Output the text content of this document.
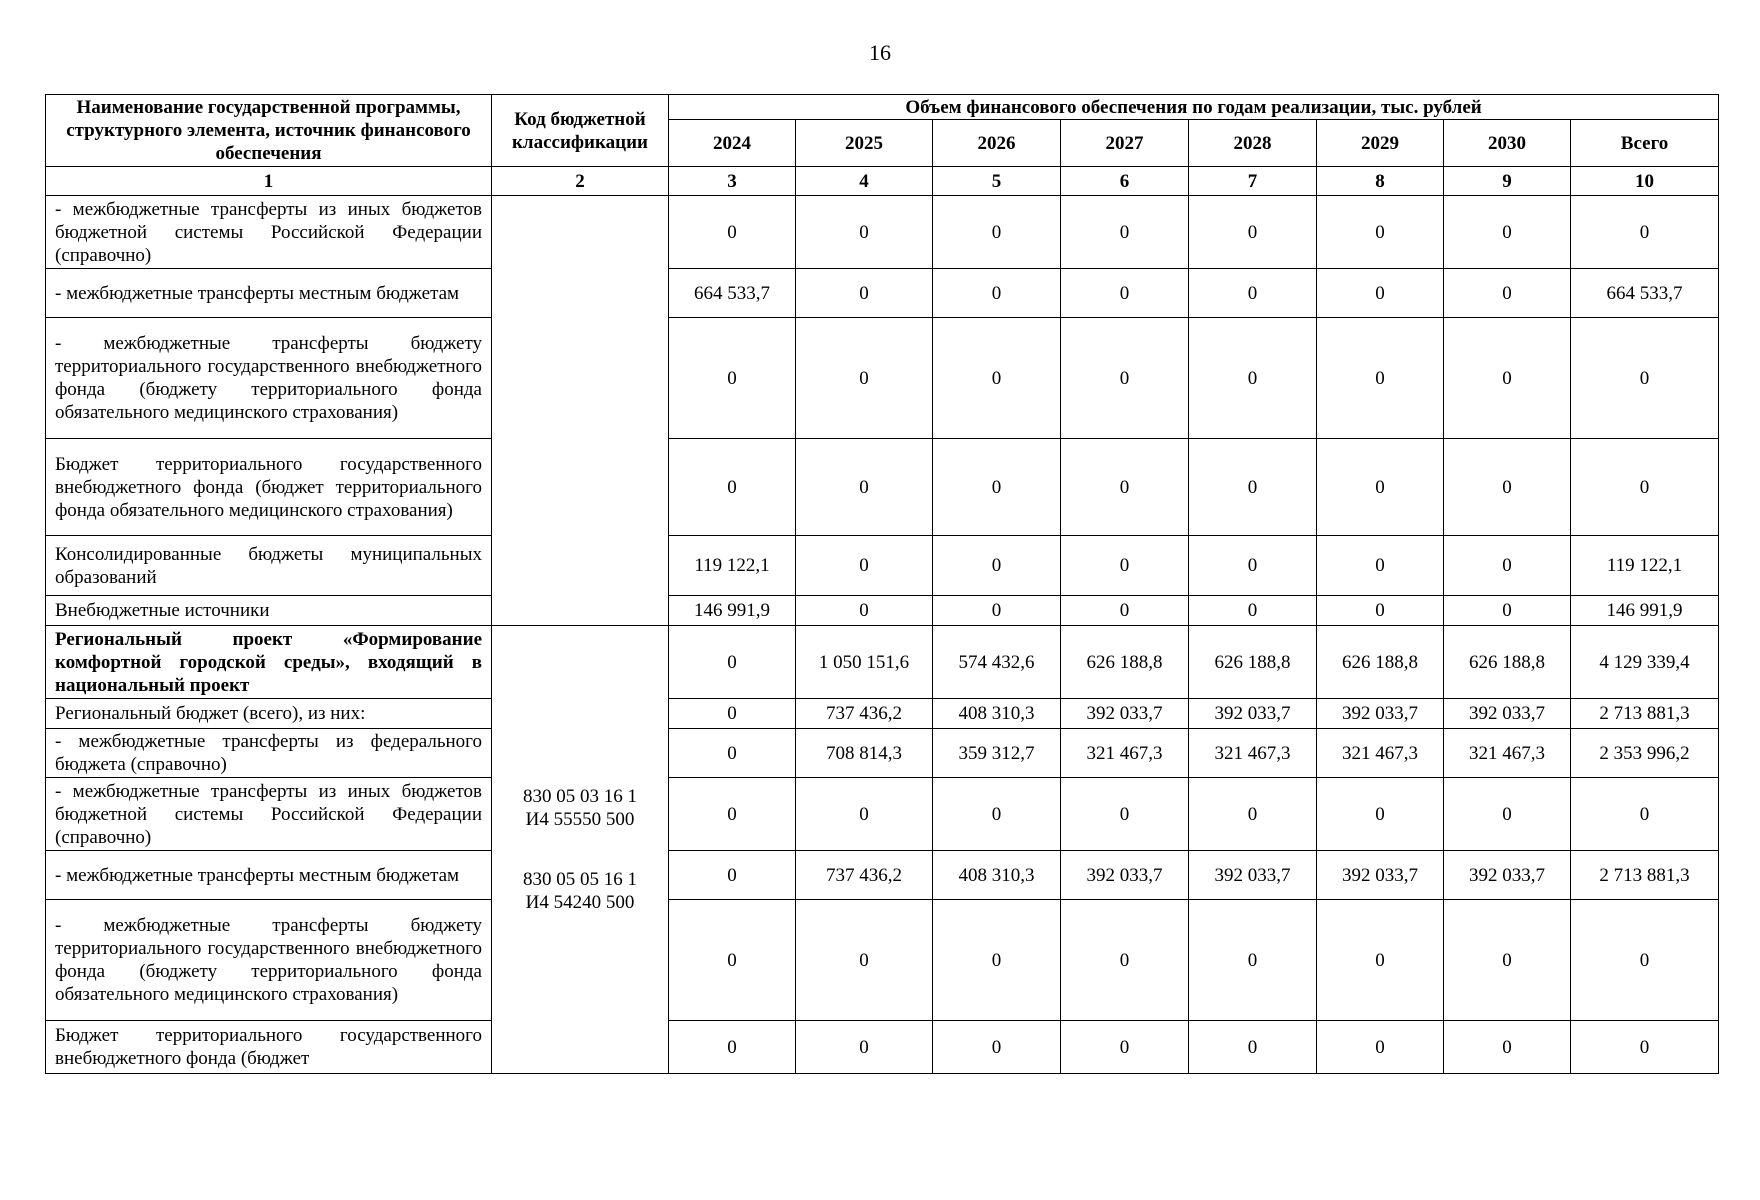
16
Наименование государственной программы, структурного элемента, источник финансового обеспечения	Код бюджетной классификации	Объем финансового обеспечения по годам реализации, тыс. рублей							
		2024	2025	2026	2027	2028	2029	2030	Всего
1	2	3	4	5	6	7	8	9	10
- межбюджетные трансферты из иных бюджетов бюджетной системы Российской Федерации (справочно)		0	0	0	0	0	0	0	0
- межбюджетные трансферты местным бюджетам		664 533,7	0	0	0	0	0	0	664 533,7
- межбюджетные трансферты бюджету территориального государственного внебюджетного фонда (бюджету территориального фонда обязательного медицинского страхования)		0	0	0	0	0	0	0	0
Бюджет территориального государственного внебюджетного фонда (бюджет территориального фонда обязательного медицинского страхования)		0	0	0	0	0	0	0	0
Консолидированные бюджеты муниципальных образований		119 122,1	0	0	0	0	0	0	119 122,1
Внебюджетные источники		146 991,9	0	0	0	0	0	0	146 991,9
Региональный проект «Формирование комфортной городской среды», входящий в национальный проект	830 05 03 16 1
И4 55550 500
830 05 05 16 1
И4 54240 500	0	1 050 151,6	574 432,6	626 188,8	626 188,8	626 188,8	626 188,8	4 129 339,4
Региональный бюджет (всего), из них:		0	737 436,2	408 310,3	392 033,7	392 033,7	392 033,7	392 033,7	2 713 881,3
- межбюджетные трансферты из федерального бюджета (справочно)		0	708 814,3	359 312,7	321 467,3	321 467,3	321 467,3	321 467,3	2 353 996,2
- межбюджетные трансферты из иных бюджетов бюджетной системы Российской Федерации (справочно)		0	0	0	0	0	0	0	0
- межбюджетные трансферты местным бюджетам		0	737 436,2	408 310,3	392 033,7	392 033,7	392 033,7	392 033,7	2 713 881,3
- межбюджетные трансферты бюджету территориального государственного внебюджетного фонда (бюджету территориального фонда обязательного медицинского страхования)		0	0	0	0	0	0	0	0
Бюджет территориального государственного внебюджетного фонда (бюджет		0	0	0	0	0	0	0	0
